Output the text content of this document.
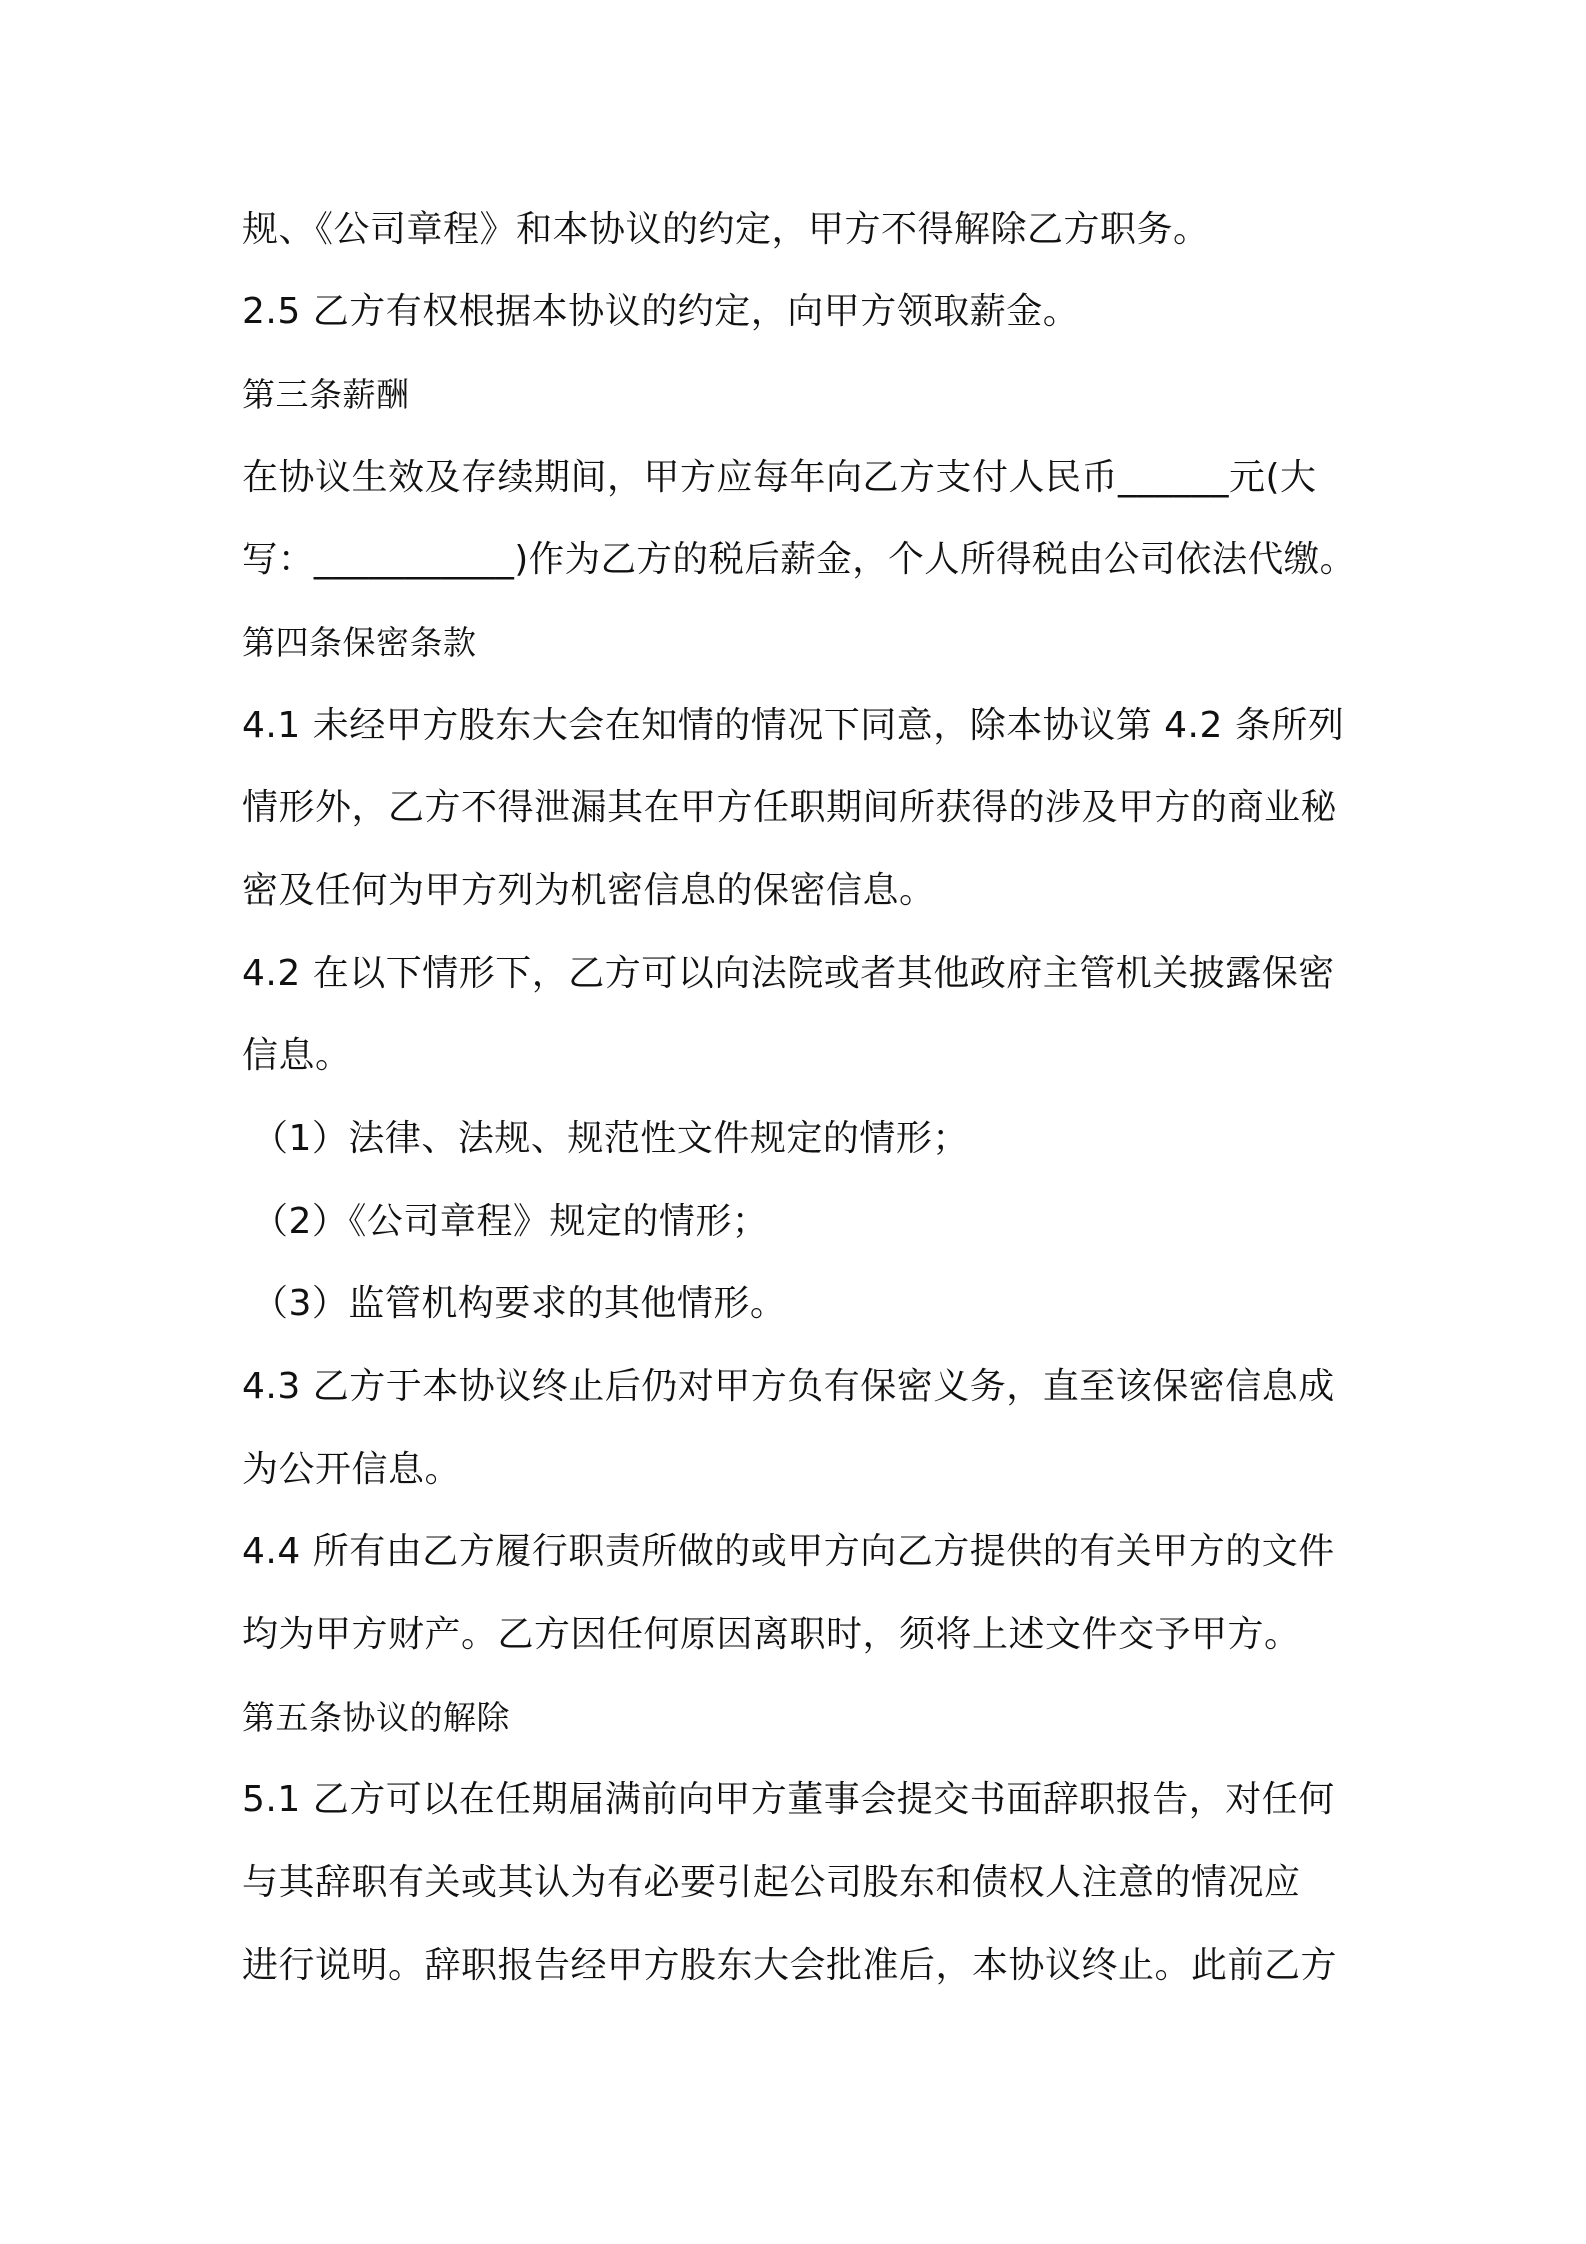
规、《公司章程》和本协议的约定，甲方不得解除乙方职务。
2.5 乙方有权根据本协议的约定，向甲方领取薪金。
第三条薪酬
在协议生效及存续期间，甲方应每年向乙方支付人民币______元(大
写：___________)作为乙方的税后薪金，个人所得税由公司依法代缴。
第四条保密条款
4.1 未经甲方股东大会在知情的情况下同意，除本协议第 4.2 条所列
情形外，乙方不得泄漏其在甲方任职期间所获得的涉及甲方的商业秘
密及任何为甲方列为机密信息的保密信息。
4.2 在以下情形下，乙方可以向法院或者其他政府主管机关披露保密
信息。
（1）法律、法规、规范性文件规定的情形；
（2）《公司章程》规定的情形；
（3）监管机构要求的其他情形。
4.3 乙方于本协议终止后仍对甲方负有保密义务，直至该保密信息成
为公开信息。
4.4 所有由乙方履行职责所做的或甲方向乙方提供的有关甲方的文件
均为甲方财产。乙方因任何原因离职时，须将上述文件交予甲方。
第五条协议的解除
5.1 乙方可以在任期届满前向甲方董事会提交书面辞职报告，对任何
与其辞职有关或其认为有必要引起公司股东和债权人注意的情况应
进行说明。辞职报告经甲方股东大会批准后，本协议终止。此前乙方
